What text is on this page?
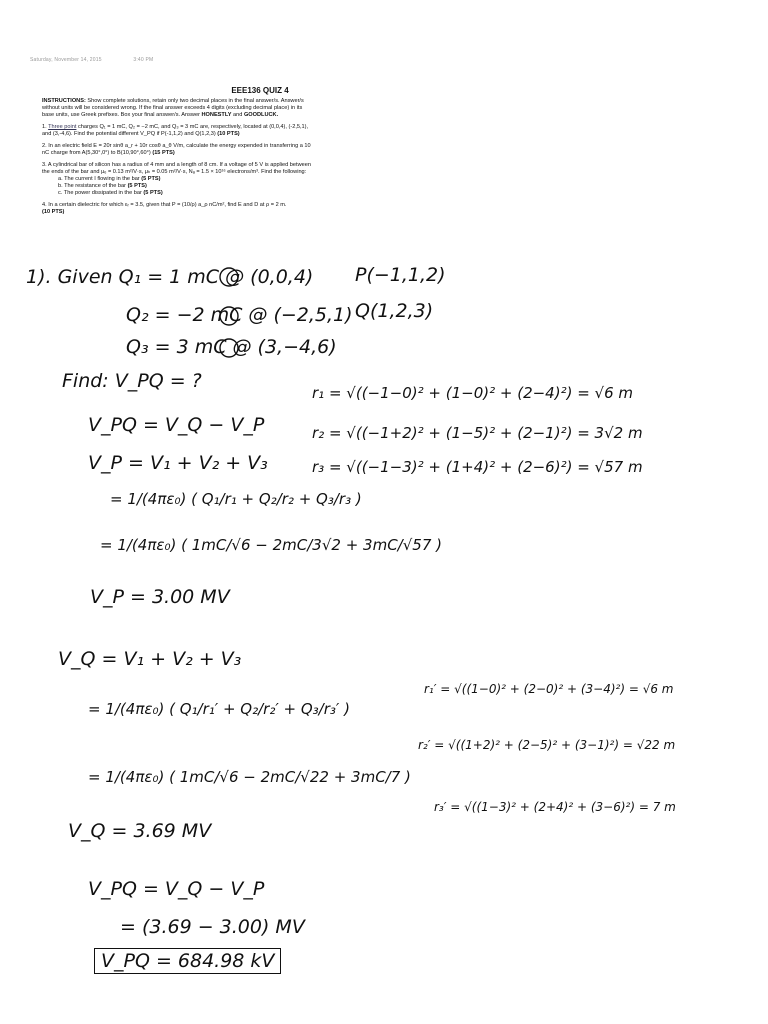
Saturday, November 14, 2015	3:40 PM
EEE136 QUIZ 4

INSTRUCTIONS: Show complete solutions, retain only two decimal places in the final answer/s. Answer/s without units will be considered wrong. If the final answer exceeds 4 digits (excluding decimal place) in its base units, use Greek prefixes. Box your final answer/s. Answer HONESTLY and GOODLUCK.

1. Three point charges Q₁ = 1 mC, Q₂ = −2 mC, and Q₃ = 3 mC are, respectively, located at (0,0,4), (-2,5,1), and (3,-4,6). Find the potential different V_PQ if P(-1,1,2) and Q(1,2,3) (10 PTS)

2. In an electric field E = 20r sinθ a_r + 10r cosθ a_θ V/m, calculate the energy expended in transferring a 10 nC charge from A(5,30°,0°) to B(10,90°,60°) (15 PTS)

3. A cylindrical bar of silicon has a radius of 4 mm and a length of 8 cm. If a voltage of 5 V is applied between the ends of the bar and μₑ = 0.13 m²/V·s, μₕ = 0.05 m²/V·s, Nₐ = 1.5 × 10¹⁶ electrons/m³. Find the following:
a. The current I flowing in the bar (5 PTS)
b. The resistance of the bar (5 PTS)
c. The power dissipated in the bar (5 PTS)

4. In a certain dielectric for which εᵣ = 3.5, given that P = (10/ρ) a_ρ nC/m², find E and D at ρ = 2 m.
(10 PTS)

1). Given Q₁ = 1 mC @ (0,0,4) P(−1,1,2)
Q₂ = −2 mC @ (−2,5,1) Q(1,2,3)
Q₃ = 3 mC @ (3,−4,6)
Find: V_PQ = ?
r₁ = √((−1−0)² + (1−0)² + (2−4)²) = √6 m
r₂ = √((−1+2)² + (1−5)² + (2−1)²) = 3√2 m
r₃ = √((−1−3)² + (1+4)² + (2−6)²) = √57 m
V_PQ = V_Q − V_P
V_P = V₁ + V₂ + V₃
= 1/(4πε₀) ( Q₁/r₁ + Q₂/r₂ + Q₃/r₃ )
= 1/(4πε₀) ( 1mC/√6 − 2mC/3√2 + 3mC/√57 )
V_P = 3.00 MV
V_Q = V₁ + V₂ + V₃
= 1/(4πε₀) ( Q₁/r₁′ + Q₂/r₂′ + Q₃/r₃′ )
= 1/(4πε₀) ( 1mC/√6 − 2mC/√22 + 3mC/7 )
V_Q = 3.69 MV
r₁′ = √((1−0)² + (2−0)² + (3−4)²) = √6 m
r₂′ = √((1+2)² + (2−5)² + (3−1)²) = √22 m
r₃′ = √((1−3)² + (2+4)² + (3−6)²) = 7 m
V_PQ = V_Q − V_P
= (3.69 − 3.00) MV
V_PQ = 684.98 kV
